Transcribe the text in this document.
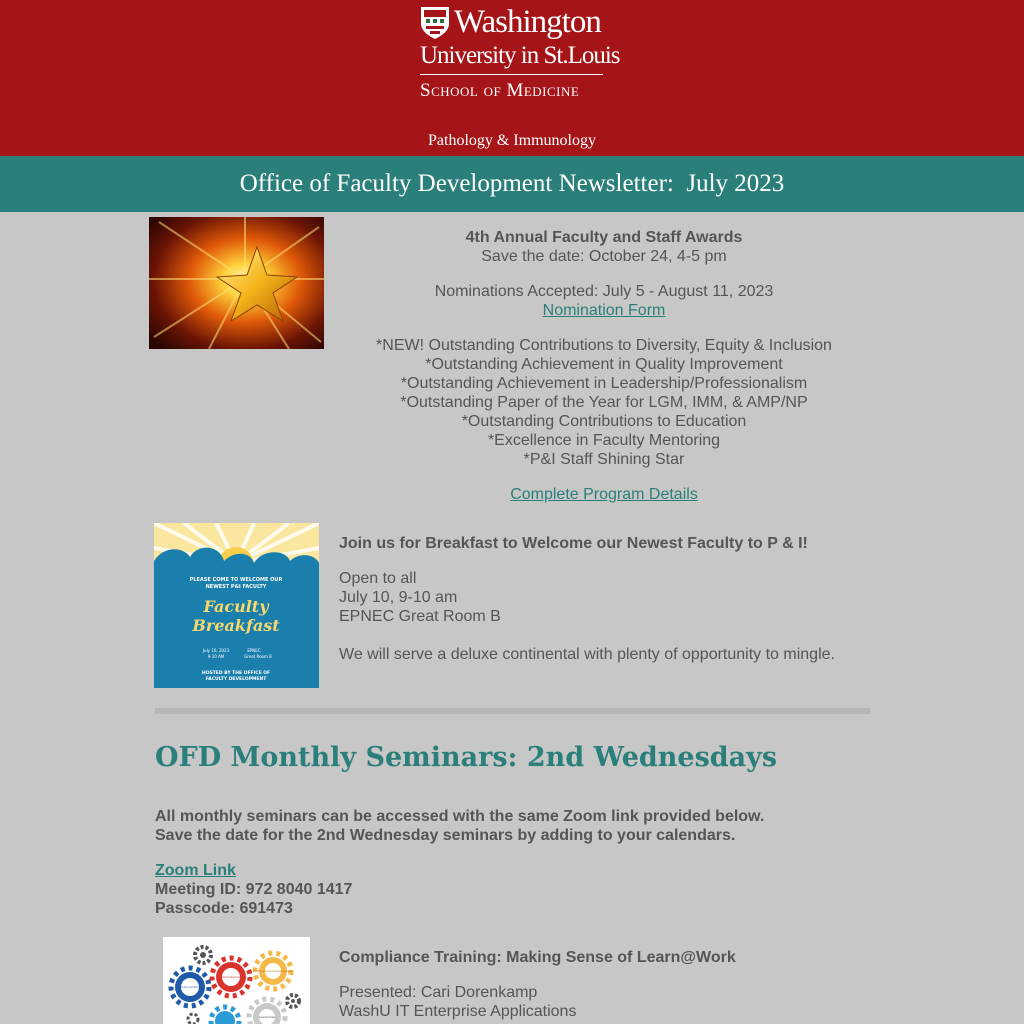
Washington
University in St.Louis
School of Medicine
Pathology & Immunology
Office of Faculty Development Newsletter:  July 2023
4th Annual Faculty and Staff Awards
Save the date: October 24, 4-5 pm
Nominations Accepted: July 5 - August 11, 2023
Nomination Form
*NEW! Outstanding Contributions to Diversity, Equity & Inclusion
*Outstanding Achievement in Quality Improvement
*Outstanding Achievement in Leadership/Professionalism
*Outstanding Paper of the Year for LGM, IMM, & AMP/NP
*Outstanding Contributions to Education
*Excellence in Faculty Mentoring
*P&I Staff Shining Star
Complete Program Details
PLEASE COME TO WELCOME OUR
NEWEST P&I FACULTY
Faculty
Breakfast
July 10, 2023
9-10 AM
EPNEC
Great Room B
HOSTED BY THE OFFICE OF
FACULTY DEVELOPMENT
Join us for Breakfast to Welcome our Newest Faculty to P & I!
Open to all
July 10, 9-10 am
EPNEC Great Room B
We will serve a deluxe continental with plenty of opportunity to mingle.
OFD Monthly Seminars: 2nd Wednesdays
All monthly seminars can be accessed with the same Zoom link provided below.
Save the date for the 2nd Wednesday seminars by adding to your calendars.
Zoom Link
Meeting ID: 972 8040 1417
Passcode: 691473
Technical Skills
Competencies
Professional Development
Leadership
Compliance Training: Making Sense of Learn@Work
Presented: Cari Dorenkamp
WashU IT Enterprise Applications
